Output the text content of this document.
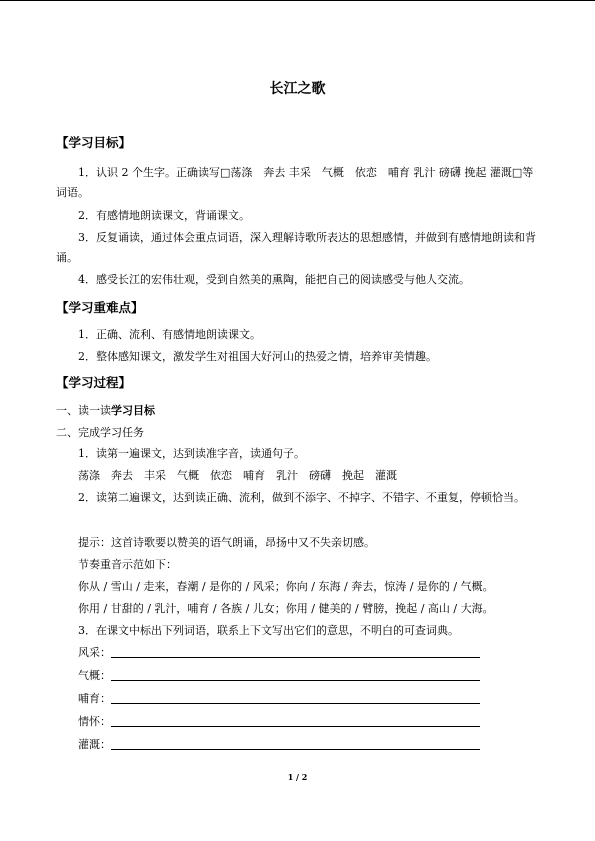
长江之歌
【学习目标】
1．认识 2 个生字。正确读写□荡涤　奔去 丰采　气概　依恋　哺育 乳汁 磅礴 挽起 灌溉□等词语。
2．有感情地朗读课文，背诵课文。
3．反复诵读，通过体会重点词语，深入理解诗歌所表达的思想感情，并做到有感情地朗读和背诵。
4．感受长江的宏伟壮观，受到自然美的熏陶，能把自己的阅读感受与他人交流。
【学习重难点】
1．正确、流利、有感情地朗读课文。
2．整体感知课文，激发学生对祖国大好河山的热爱之情，培养审美情趣。
【学习过程】
一、读一读学习目标
二、完成学习任务
1．读第一遍课文，达到读准字音，读通句子。
荡涤　奔去　丰采　气概　依恋　哺育　乳汁　磅礴　挽起　灌溉
2．读第二遍课文，达到读正确、流利，做到不添字、不掉字、不错字、不重复，停顿恰当。
提示：这首诗歌要以赞美的语气朗诵，昂扬中又不失亲切感。
节奏重音示范如下：
你从 / 雪山 / 走来，春潮 / 是你的 / 风采；你向 / 东海 / 奔去，惊涛 / 是你的 / 气概。
你用 / 甘甜的 / 乳汁，哺育 / 各族 / 儿女；你用 / 健美的 / 臂膀，挽起 / 高山 / 大海。
3．在课文中标出下列词语，联系上下文写出它们的意思，不明白的可查词典。
风采：
气概：
哺育：
情怀：
灌溉：
1 / 2
